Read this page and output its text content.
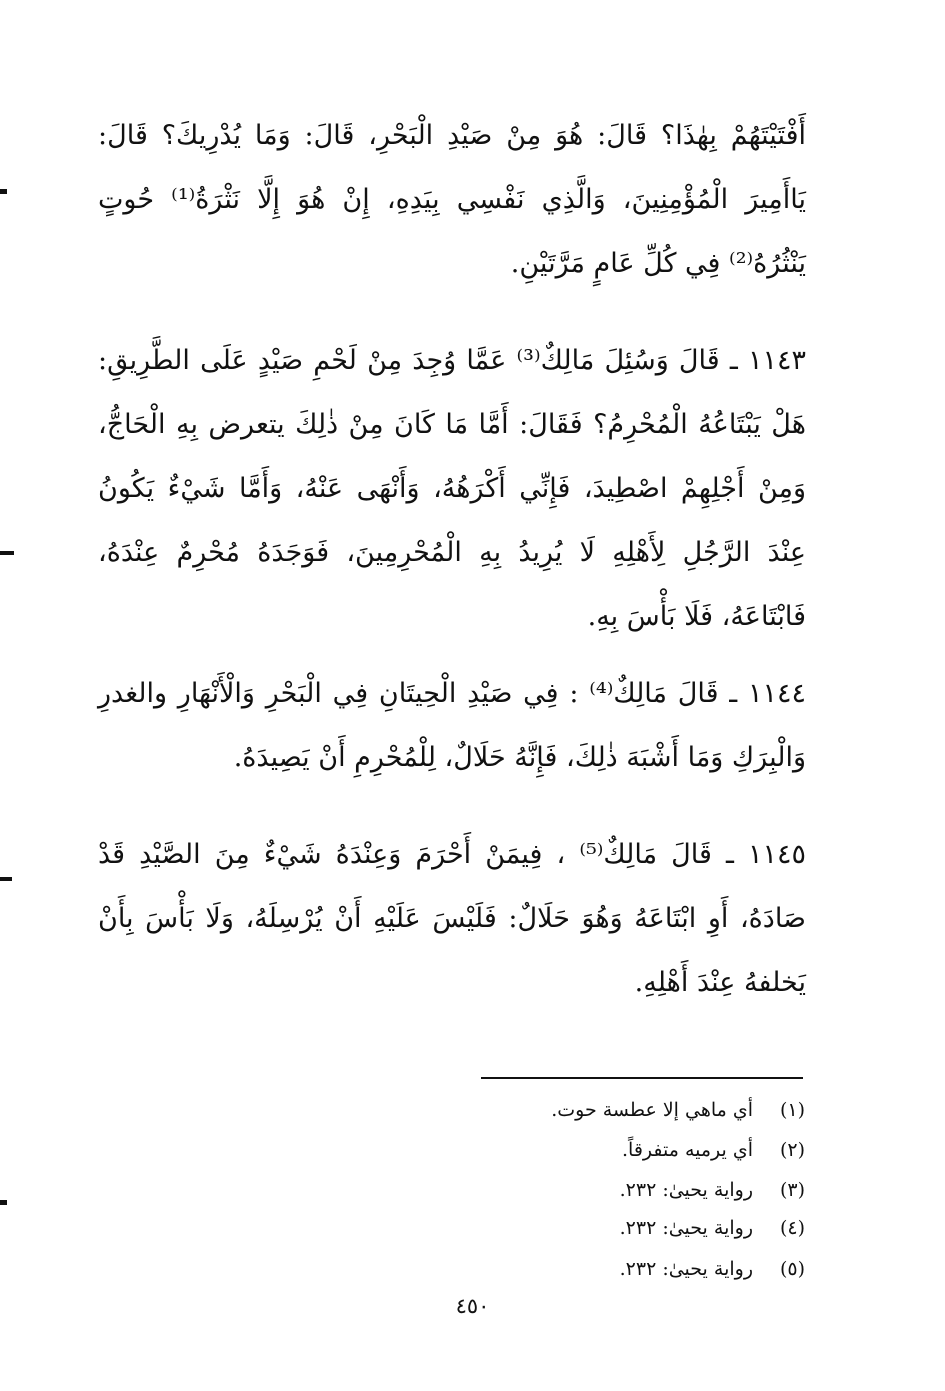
أَفْتَيْتَهُمْ بِهٰذَا؟ قَالَ: هُوَ مِنْ صَيْدِ الْبَحْرِ، قَالَ: وَمَا يُدْرِيكَ؟ قَالَ: يَاأَمِيرَ الْمُؤْمِنِينَ، وَالَّذِي نَفْسِي بِيَدِهِ، إِنْ هُوَ إِلَّا نَثْرَةُ⁽¹⁾ حُوتٍ يَنْثُرُهُ⁽²⁾ فِي كُلِّ عَامٍ مَرَّتَيْنِ.

١١٤٣ ـ قَالَ وَسُئِلَ مَالِكٌ⁽³⁾ عَمَّا وُجِدَ مِنْ لَحْمِ صَيْدٍ عَلَى الطَّرِيقِ: هَلْ يَبْتَاعُهُ الْمُحْرِمُ؟ فَقَالَ: أَمَّا مَا كَانَ مِنْ ذٰلِكَ يتعرض بِهِ الْحَاجُّ، وَمِنْ أَجْلِهِمْ اصْطِيدَ، فَإِنِّي أَكْرَهُهُ، وَأَنْهَى عَنْهُ، وَأَمَّا شَيْءٌ يَكُونُ عِنْدَ الرَّجُلِ لِأَهْلِهِ لَا يُرِيدُ بِهِ الْمُحْرِمِينَ، فَوَجَدَهُ مُحْرِمٌ عِنْدَهُ، فَابْتَاعَهُ، فَلَا بَأْسَ بِهِ.

١١٤٤ ـ قَالَ مَالِكٌ⁽⁴⁾ : فِي صَيْدِ الْحِيتَانِ فِي الْبَحْرِ وَالْأَنْهَارِ والغدرِ وَالْبِرَكِ وَمَا أَشْبَهَ ذٰلِكَ، فَإِنَّهُ حَلَالٌ، لِلْمُحْرِمِ أَنْ يَصِيدَهُ.

١١٤٥ ـ قَالَ مَالِكٌ⁽⁵⁾ ، فِيمَنْ أَحْرَمَ وَعِنْدَهُ شَيْءٌ مِنَ الصَّيْدِ قَدْ صَادَهُ، أَوِ ابْتَاعَهُ وَهُوَ حَلَالٌ: فَلَيْسَ عَلَيْهِ أَنْ يُرْسِلَهُ، وَلَا بَأْسَ بِأَنْ يَخلفهُ عِنْدَ أَهْلِهِ.

(١)أي ماهي إلا عطسة حوت.
(٢)أي يرميه متفرقاً.
(٣)رواية يحيىٰ: ٢٣٢.
(٤)رواية يحيىٰ: ٢٣٢.
(٥)رواية يحيىٰ: ٢٣٢.
٤٥٠
